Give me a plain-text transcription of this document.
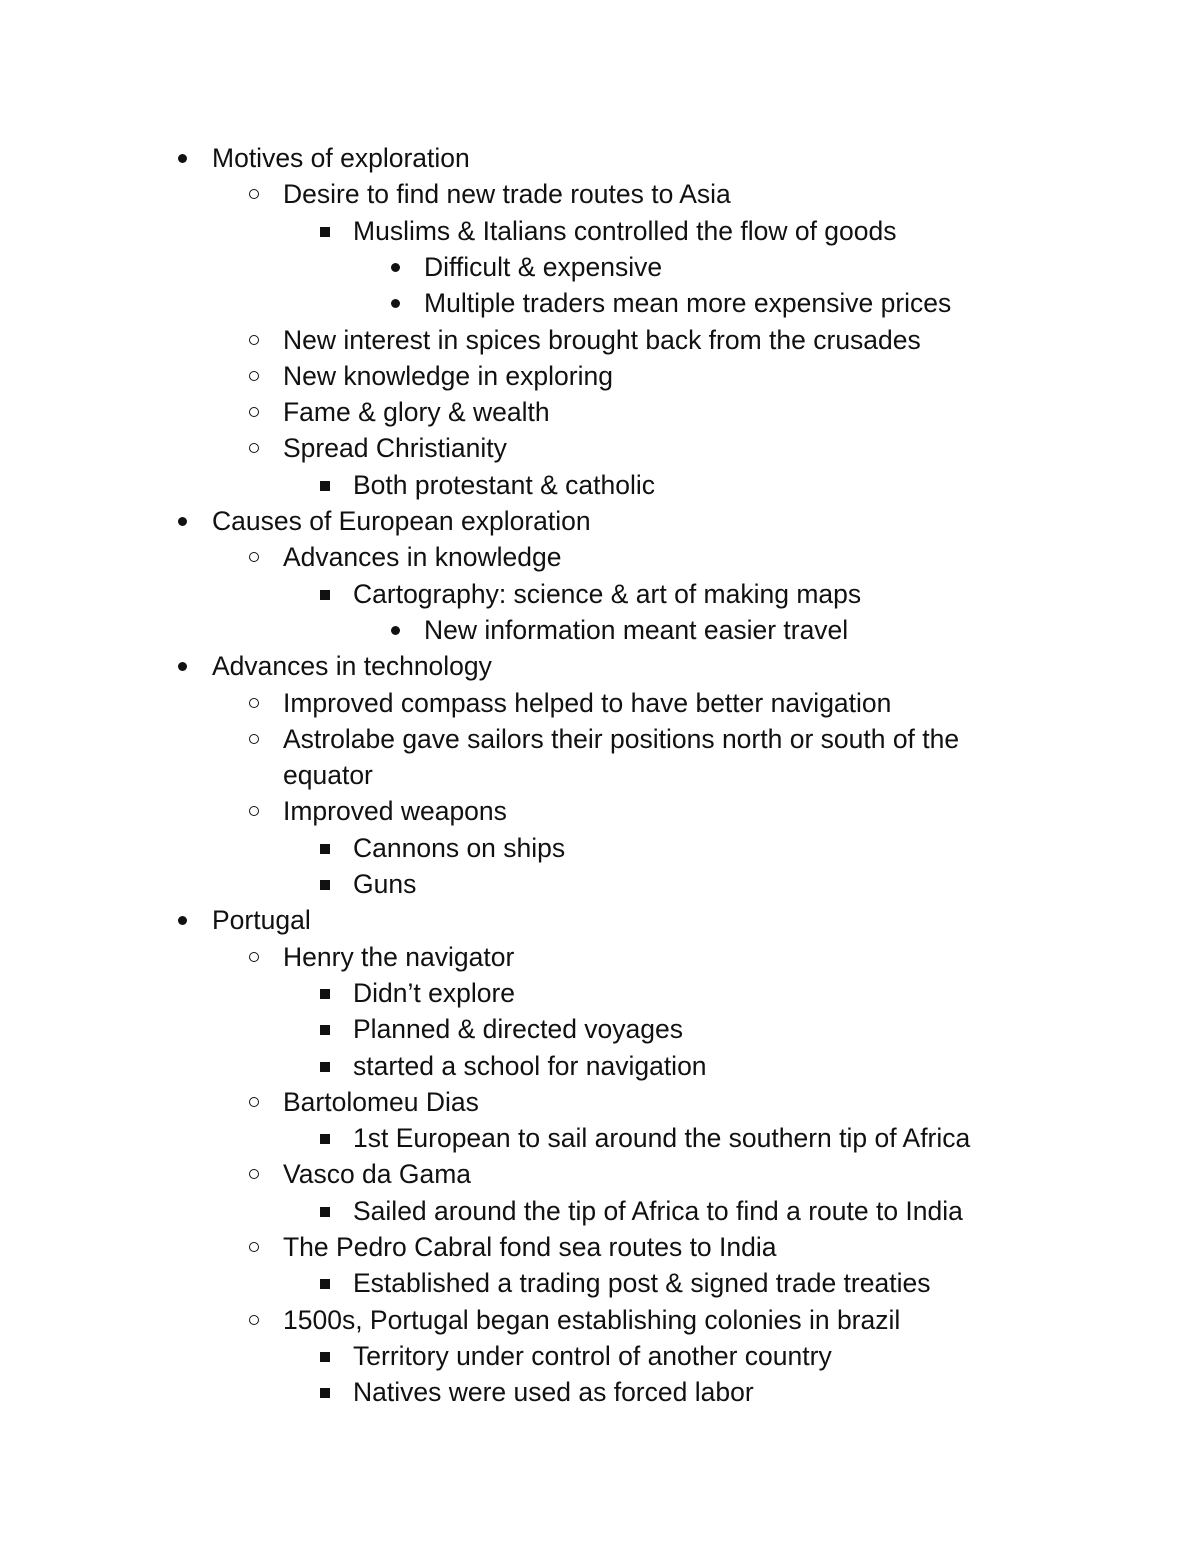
Motives of exploration
Desire to find new trade routes to Asia
Muslims & Italians controlled the flow of goods
Difficult & expensive
Multiple traders mean more expensive prices
New interest in spices brought back from the crusades
New knowledge in exploring
Fame & glory & wealth
Spread Christianity
Both protestant & catholic
Causes of European exploration
Advances in knowledge
Cartography: science & art of making maps
New information meant easier travel
Advances in technology
Improved compass helped to have better navigation
Astrolabe gave sailors their positions north or south of the
equator
Improved weapons
Cannons on ships
Guns
Portugal
Henry the navigator
Didn’t explore
Planned & directed voyages
started a school for navigation
Bartolomeu Dias
1st European to sail around the southern tip of Africa
Vasco da Gama
Sailed around the tip of Africa to find a route to India
The Pedro Cabral fond sea routes to India
Established a trading post & signed trade treaties
1500s, Portugal began establishing colonies in brazil
Territory under control of another country
Natives were used as forced labor
